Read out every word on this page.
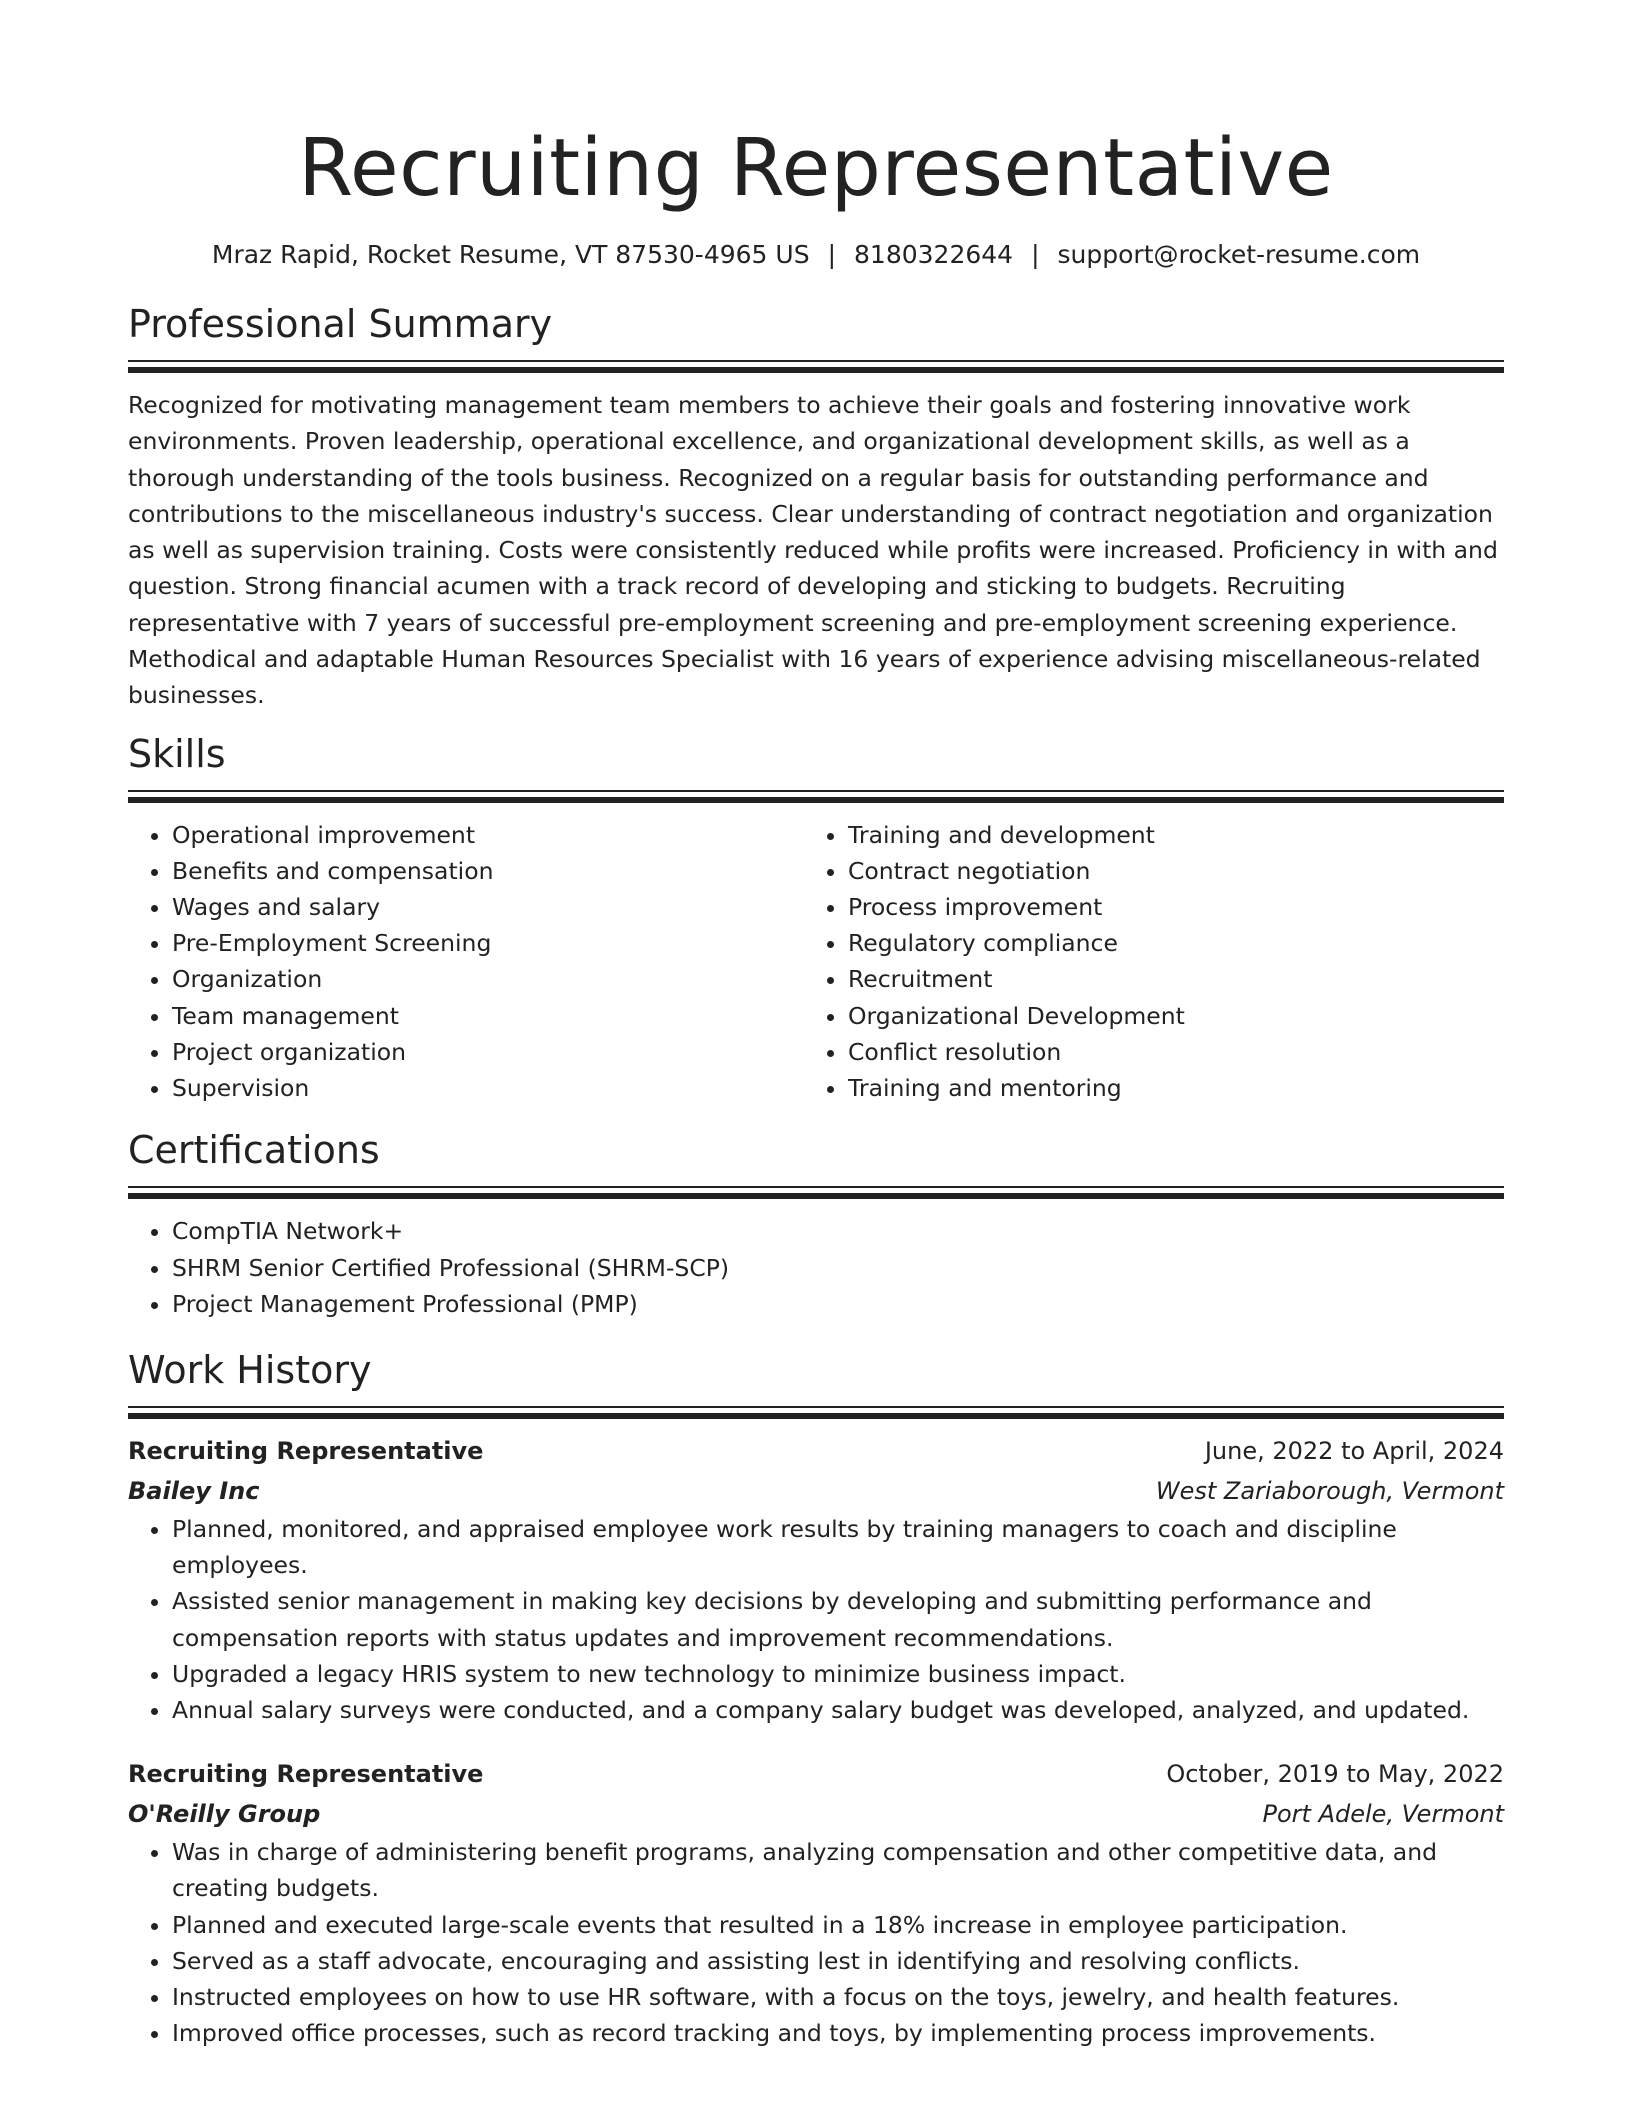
Recruiting Representative
Mraz Rapid, Rocket Resume, VT 87530-4965 US | 8180322644 | support@rocket-resume.com
Professional Summary

Recognized for motivating management team members to achieve their goals and fostering innovative work environments. Proven leadership, operational excellence, and organizational development skills, as well as a thorough understanding of the tools business. Recognized on a regular basis for outstanding performance and contributions to the miscellaneous industry's success. Clear understanding of contract negotiation and organization as well as supervision training. Costs were consistently reduced while profits were increased. Proficiency in with and question. Strong financial acumen with a track record of developing and sticking to budgets. Recruiting representative with 7 years of successful pre-employment screening and pre-employment screening experience. Methodical and adaptable Human Resources Specialist with 16 years of experience advising miscellaneous-related businesses.

Skills
• Operational improvement
• Benefits and compensation
• Wages and salary
• Pre-Employment Screening
• Organization
• Team management
• Project organization
• Supervision
• Training and development
• Contract negotiation
• Process improvement
• Regulatory compliance
• Recruitment
• Organizational Development
• Conflict resolution
• Training and mentoring
Certifications
• CompTIA Network+
• SHRM Senior Certified Professional (SHRM-SCP)
• Project Management Professional (PMP)
Work History
Recruiting Representative	June, 2022 to April, 2024
Bailey Inc	West Zariaborough, Vermont
• Planned, monitored, and appraised employee work results by training managers to coach and discipline employees.
• Assisted senior management in making key decisions by developing and submitting performance and compensation reports with status updates and improvement recommendations.
• Upgraded a legacy HRIS system to new technology to minimize business impact.
• Annual salary surveys were conducted, and a company salary budget was developed, analyzed, and updated.
Recruiting Representative	October, 2019 to May, 2022
O'Reilly Group	Port Adele, Vermont
• Was in charge of administering benefit programs, analyzing compensation and other competitive data, and creating budgets.
• Planned and executed large-scale events that resulted in a 18% increase in employee participation.
• Served as a staff advocate, encouraging and assisting lest in identifying and resolving conflicts.
• Instructed employees on how to use HR software, with a focus on the toys, jewelry, and health features.
• Improved office processes, such as record tracking and toys, by implementing process improvements.
